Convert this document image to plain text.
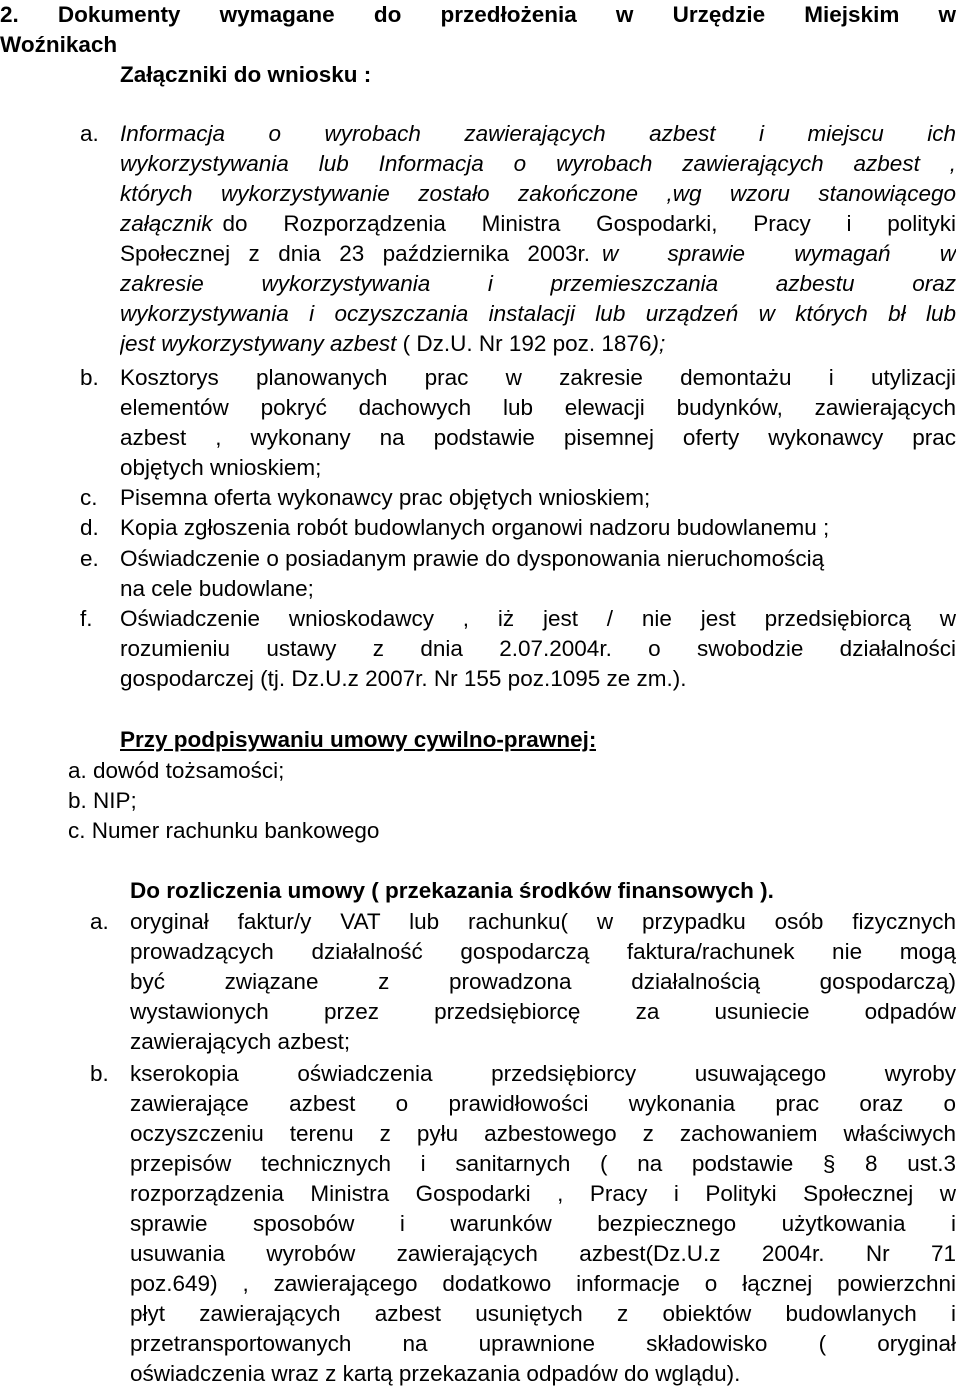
2. Dokumenty wymagane do przedłożenia w Urzędzie Miejskim w
Woźnikach
Załączniki do wniosku :
a. Informacja o wyrobach zawierających azbest i miejscu ich
wykorzystywania lub Informacja o wyrobach zawierających azbest ,
których wykorzystywanie zostało zakończone ,wg wzoru stanowiącego
załącznik do Rozporządzenia Ministra Gospodarki, Pracy i polityki
Społecznej z dnia 23 października 2003r. w sprawie wymagań w
zakresie wykorzystywania i przemieszczania azbestu oraz
wykorzystywania i oczyszczania instalacji lub urządzeń w których bł lub
jest wykorzystywany azbest ( Dz.U. Nr 192 poz. 1876);
b. Kosztorys planowanych prac w zakresie demontażu i utylizacji
elementów pokryć dachowych lub elewacji budynków, zawierających
azbest , wykonany na podstawie pisemnej oferty wykonawcy prac
objętych wnioskiem;
c. Pisemna oferta wykonawcy prac objętych wnioskiem;
d. Kopia zgłoszenia robót budowlanych organowi nadzoru budowlanemu ;
e. Oświadczenie o posiadanym prawie do dysponowania nieruchomością
na cele budowlane;
f. Oświadczenie wnioskodawcy , iż jest / nie jest przedsiębiorcą w
rozumieniu ustawy z dnia 2.07.2004r. o swobodzie działalności
gospodarczej (tj. Dz.U.z 2007r. Nr 155 poz.1095 ze zm.).
Przy podpisywaniu umowy cywilno-prawnej:
a. dowód tożsamości;
b. NIP;
c. Numer rachunku bankowego
Do rozliczenia umowy ( przekazania środków finansowych ).
a. oryginał faktur/y VAT lub rachunku( w przypadku osób fizycznych
prowadzących działalność gospodarczą faktura/rachunek nie mogą
być związane z prowadzona działalnością gospodarczą)
wystawionych przez przedsiębiorcę za usuniecie odpadów
zawierających azbest;
b. kserokopia oświadczenia przedsiębiorcy usuwającego wyroby
zawierające azbest o prawidłowości wykonania prac oraz o
oczyszczeniu terenu z pyłu azbestowego z zachowaniem właściwych
przepisów technicznych i sanitarnych ( na podstawie § 8 ust.3
rozporządzenia Ministra Gospodarki , Pracy i Polityki Społecznej w
sprawie sposobów i warunków bezpiecznego użytkowania i
usuwania wyrobów zawierających azbest(Dz.U.z 2004r. Nr 71
poz.649) , zawierającego dodatkowo informacje o łącznej powierzchni
płyt zawierających azbest usuniętych z obiektów budowlanych i
przetransportowanych na uprawnione składowisko ( oryginał
oświadczenia wraz z kartą przekazania odpadów do wglądu).
